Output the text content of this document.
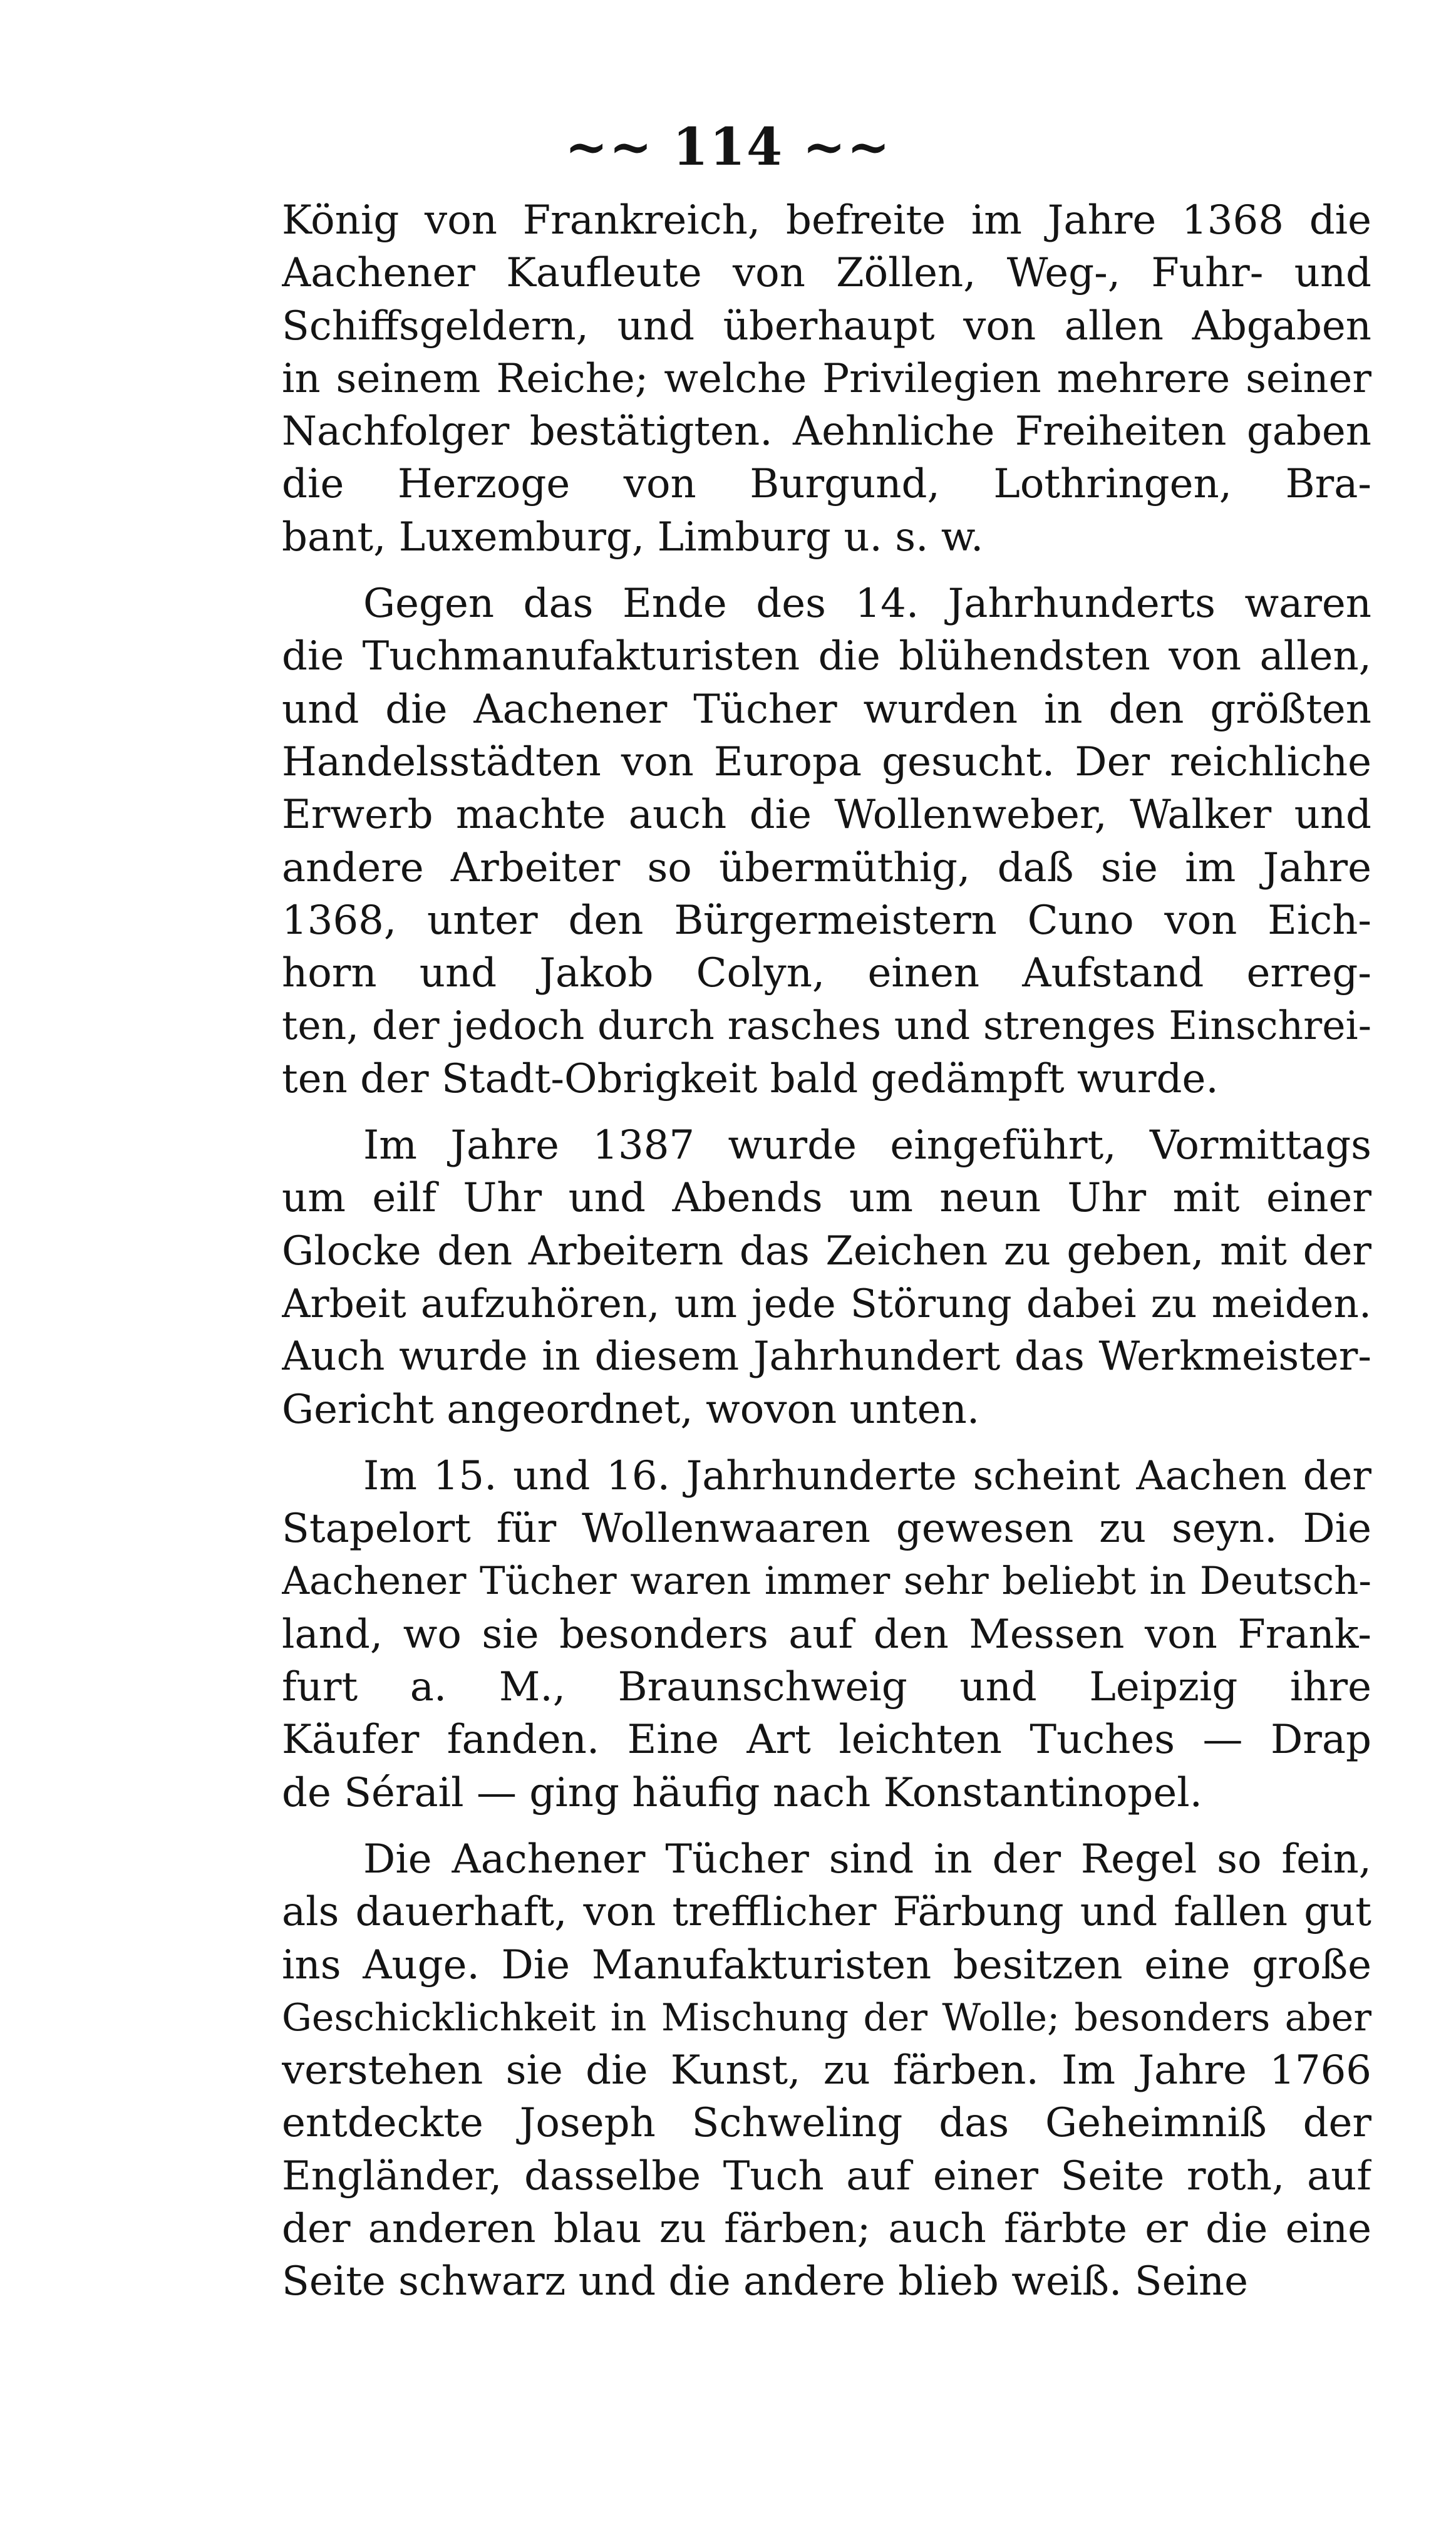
~~ 114 ~~
König von Frankreich, befreite im Jahre 1368 die
Aachener Kaufleute von Zöllen, Weg-, Fuhr- und
Schiffsgeldern, und überhaupt von allen Abgaben
in seinem Reiche; welche Privilegien mehrere seiner
Nachfolger bestätigten. Aehnliche Freiheiten gaben
die Herzoge von Burgund, Lothringen, Bra-
bant, Luxemburg, Limburg u. s. w.
Gegen das Ende des 14. Jahrhunderts waren
die Tuchmanufakturisten die blühendsten von allen,
und die Aachener Tücher wurden in den größten
Handelsstädten von Europa gesucht. Der reichliche
Erwerb machte auch die Wollenweber, Walker und
andere Arbeiter so übermüthig, daß sie im Jahre
1368, unter den Bürgermeistern Cuno von Eich-
horn und Jakob Colyn, einen Aufstand erreg-
ten, der jedoch durch rasches und strenges Einschrei-
ten der Stadt-Obrigkeit bald gedämpft wurde.
Im Jahre 1387 wurde eingeführt, Vormittags
um eilf Uhr und Abends um neun Uhr mit einer
Glocke den Arbeitern das Zeichen zu geben, mit der
Arbeit aufzuhören, um jede Störung dabei zu meiden.
Auch wurde in diesem Jahrhundert das Werkmeister-
Gericht angeordnet, wovon unten.
Im 15. und 16. Jahrhunderte scheint Aachen der
Stapelort für Wollenwaaren gewesen zu seyn. Die
Aachener Tücher waren immer sehr beliebt in Deutsch-
land, wo sie besonders auf den Messen von Frank-
furt a. M., Braunschweig und Leipzig ihre
Käufer fanden. Eine Art leichten Tuches — Drap
de Sérail — ging häufig nach Konstantinopel.
Die Aachener Tücher sind in der Regel so fein,
als dauerhaft, von trefflicher Färbung und fallen gut
ins Auge. Die Manufakturisten besitzen eine große
Geschicklichkeit in Mischung der Wolle; besonders aber
verstehen sie die Kunst, zu färben. Im Jahre 1766
entdeckte Joseph Schweling das Geheimniß der
Engländer, dasselbe Tuch auf einer Seite roth, auf
der anderen blau zu färben; auch färbte er die eine
Seite schwarz und die andere blieb weiß. Seine
